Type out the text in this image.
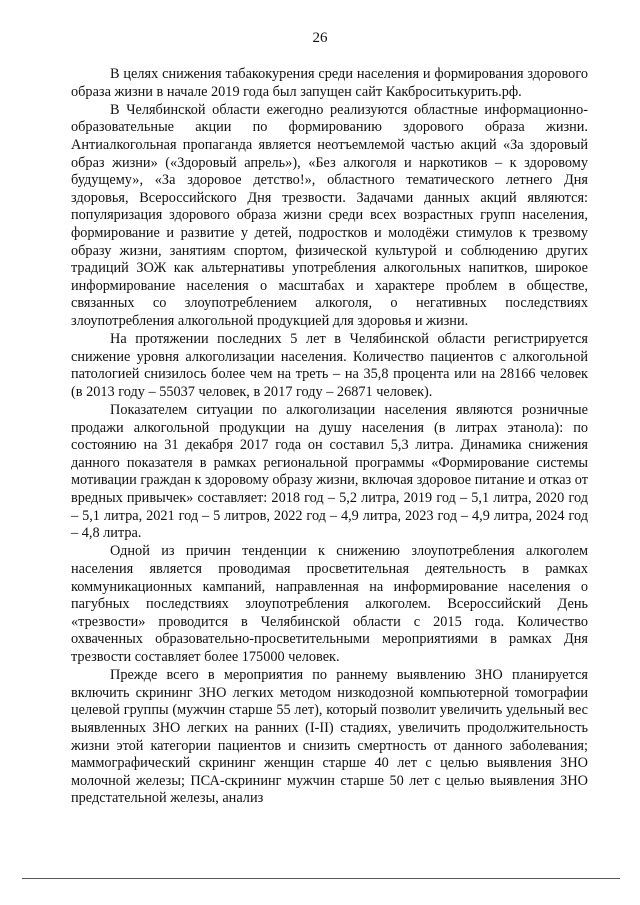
26

В целях снижения табакокурения среди населения и формирования здорового образа жизни в начале 2019 года был запущен сайт Какброситькурить.рф.

В Челябинской области ежегодно реализуются областные информационно-образовательные акции по формированию здорового образа жизни. Антиалкогольная пропаганда является неотъемлемой частью акций «За здоровый образ жизни» («Здоровый апрель»), «Без алкоголя и наркотиков – к здоровому будущему», «За здоровое детство!», областного тематического летнего Дня здоровья, Всероссийского Дня трезвости. Задачами данных акций являются: популяризация здорового образа жизни среди всех возрастных групп населения, формирование и развитие у детей, подростков и молодёжи стимулов к трезвому образу жизни, занятиям спортом, физической культурой и соблюдению других традиций ЗОЖ как альтернативы употребления алкогольных напитков, широкое информирование населения о масштабах и характере проблем в обществе, связанных со злоупотреблением алкоголя, о негативных последствиях злоупотребления алкогольной продукцией для здоровья и жизни.

На протяжении последних 5 лет в Челябинской области регистрируется снижение уровня алкоголизации населения. Количество пациентов с алкогольной патологией снизилось более чем на треть – на 35,8 процента или на 28166 человек (в 2013 году – 55037 человек, в 2017 году – 26871 человек).

Показателем ситуации по алкоголизации населения являются розничные продажи алкогольной продукции на душу населения (в литрах этанола): по состоянию на 31 декабря 2017 года он составил 5,3 литра. Динамика снижения данного показателя в рамках региональной программы «Формирование системы мотивации граждан к здоровому образу жизни, включая здоровое питание и отказ от вредных привычек» составляет: 2018 год – 5,2 литра, 2019 год – 5,1 литра, 2020 год – 5,1 литра, 2021 год – 5 литров, 2022 год – 4,9 литра, 2023 год – 4,9 литра, 2024 год – 4,8 литра.

Одной из причин тенденции к снижению злоупотребления алкоголем населения является проводимая просветительная деятельность в рамках коммуникационных кампаний, направленная на информирование населения о пагубных последствиях злоупотребления алкоголем. Всероссийский День «трезвости» проводится в Челябинской области с 2015 года. Количество охваченных образовательно-просветительными мероприятиями в рамках Дня трезвости составляет более 175000 человек.

Прежде всего в мероприятия по раннему выявлению ЗНО планируется включить скрининг ЗНО легких методом низкодозной компьютерной томографии целевой группы (мужчин старше 55 лет), который позволит увеличить удельный вес выявленных ЗНО легких на ранних (I-II) стадиях, увеличить продолжительность жизни этой категории пациентов и снизить смертность от данного заболевания; маммографический скрининг женщин старше 40 лет с целью выявления ЗНО молочной железы; ПСА-скрининг мужчин старше 50 лет с целью выявления ЗНО предстательной железы, анализ
